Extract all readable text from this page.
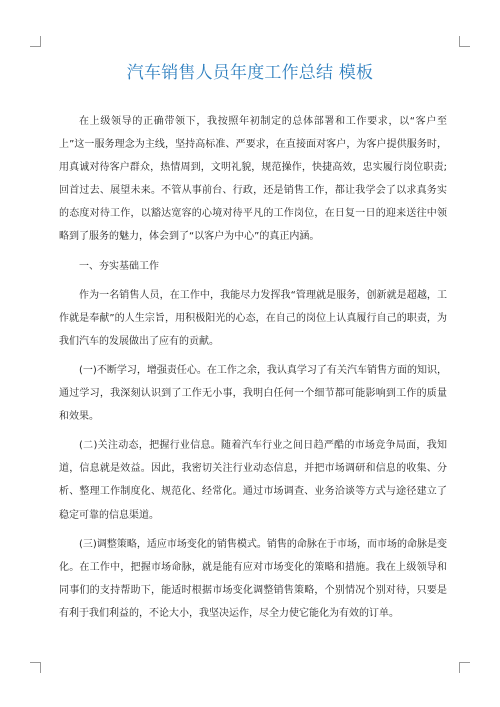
汽车销售人员年度工作总结 模板

在上级领导的正确带领下，我按照年初制定的总体部署和工作要求，以“客户至上”这一服务理念为主线，坚持高标准、严要求，在直接面对客户，为客户提供服务时，用真诚对待客户群众，热情周到，文明礼貌，规范操作，快捷高效，忠实履行岗位职责;回首过去、展望未来。不管从事前台、行政，还是销售工作，都让我学会了以求真务实的态度对待工作，以豁达宽容的心境对待平凡的工作岗位，在日复一日的迎来送往中领略到了服务的魅力，体会到了“以客户为中心”的真正内涵。

一、夯实基础工作

作为一名销售人员，在工作中，我能尽力发挥我“管理就是服务，创新就是超越，工作就是奉献”的人生宗旨，用积极阳光的心态，在自己的岗位上认真履行自己的职责，为我们汽车的发展做出了应有的贡献。

(一)不断学习，增强责任心。在工作之余，我认真学习了有关汽车销售方面的知识，通过学习，我深刻认识到了工作无小事，我明白任何一个细节都可能影响到工作的质量和效果。

(二)关注动态，把握行业信息。随着汽车行业之间日趋严酷的市场竞争局面，我知道，信息就是效益。因此，我密切关注行业动态信息，并把市场调研和信息的收集、分析、整理工作制度化、规范化、经常化。通过市场调查、业务洽谈等方式与途径建立了稳定可靠的信息渠道。

(三)调整策略，适应市场变化的销售模式。销售的命脉在于市场，而市场的命脉是变化。在工作中，把握市场命脉，就是能有应对市场变化的策略和措施。我在上级领导和同事们的支持帮助下，能适时根据市场变化调整销售策略，个别情况个别对待，只要是有利于我们利益的，不论大小，我坚决运作，尽全力使它能化为有效的订单。
